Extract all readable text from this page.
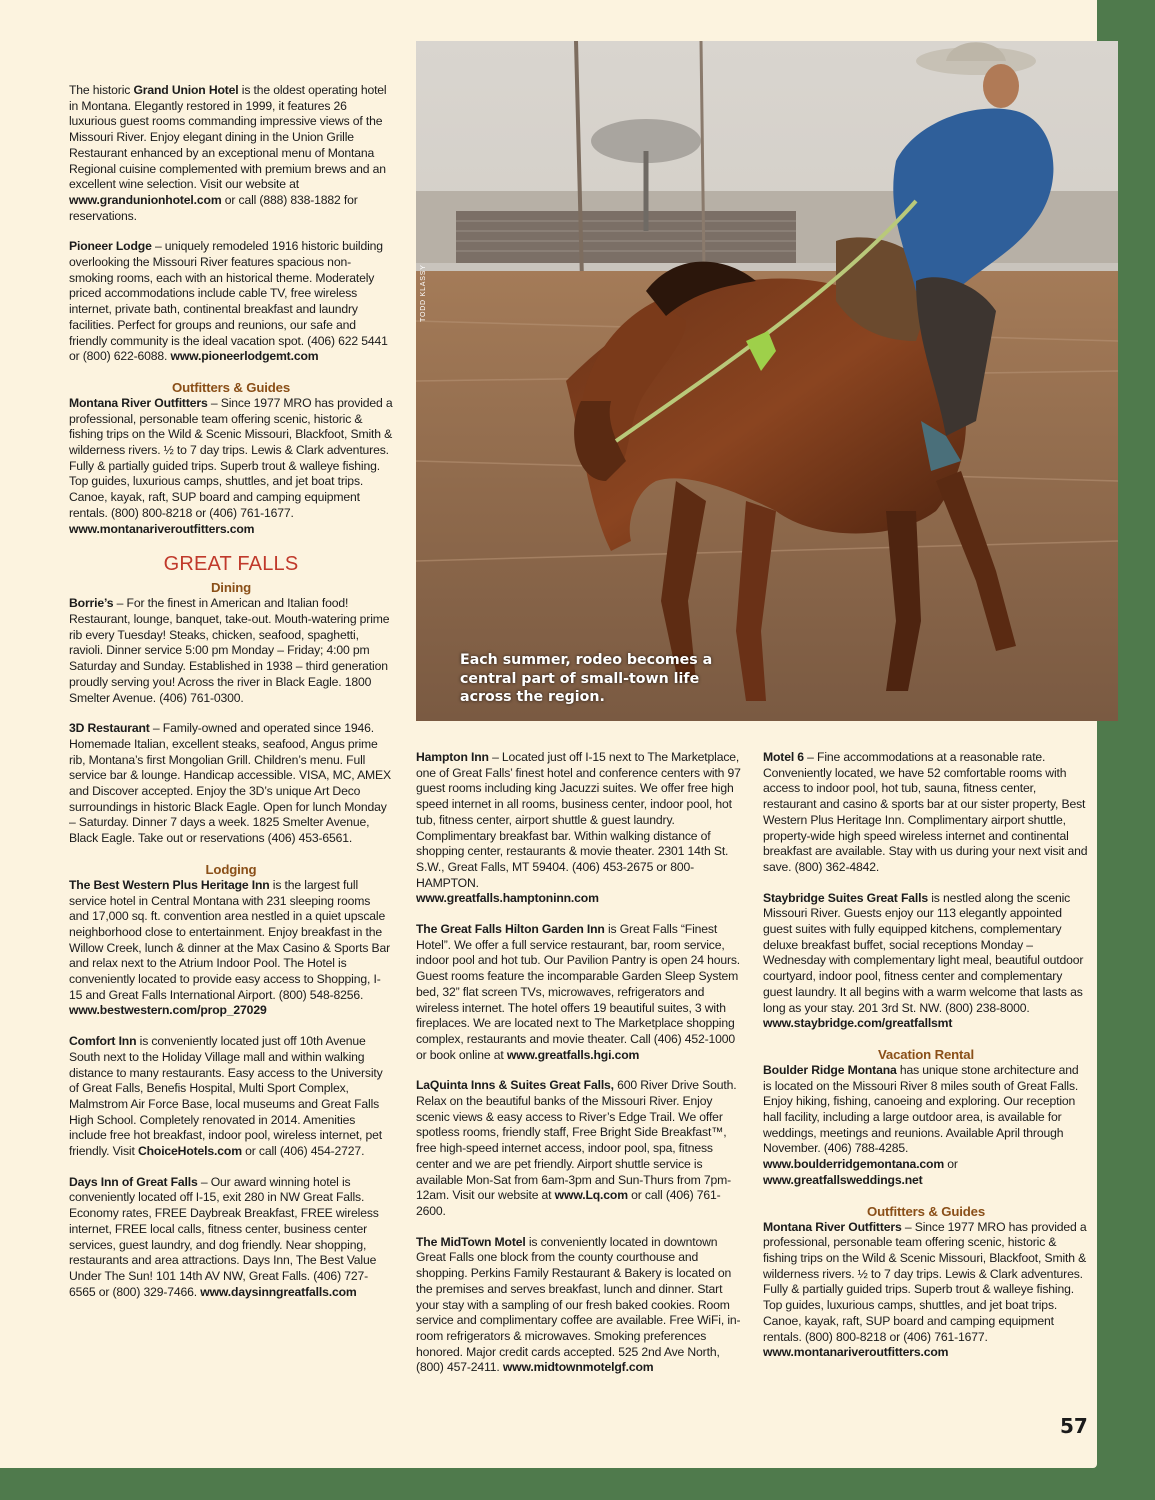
TODD KLASSY
Each summer, rodeo becomes a central part of small-town life across the region.

The historic Grand Union Hotel is the oldest operating hotel in Montana. Elegantly restored in 1999, it features 26 luxurious guest rooms commanding impressive views of the Missouri River. Enjoy elegant dining in the Union Grille Restaurant enhanced by an exceptional menu of Montana Regional cuisine complemented with premium brews and an excellent wine selection. Visit our website at www.grandunionhotel.com or call (888) 838-1882 for reservations.

Pioneer Lodge – uniquely remodeled 1916 historic building overlooking the Missouri River features spacious non-smoking rooms, each with an historical theme. Moderately priced accommodations include cable TV, free wireless internet, private bath, continental breakfast and laundry facilities. Perfect for groups and reunions, our safe and friendly community is the ideal vacation spot. (406) 622 5441 or (800) 622-6088. www.pioneerlodgemt.com

Outfitters & Guides

Montana River Outfitters – Since 1977 MRO has provided a professional, personable team offering scenic, historic & fishing trips on the Wild & Scenic Missouri, Blackfoot, Smith & wilderness rivers. ½ to 7 day trips. Lewis & Clark adventures. Fully & partially guided trips. Superb trout & walleye fishing. Top guides, luxurious camps, shuttles, and jet boat trips. Canoe, kayak, raft, SUP board and camping equipment rentals. (800) 800-8218 or (406) 761-1677.
www.montanariveroutfitters.com

GREAT FALLS
Dining

Borrie’s – For the finest in American and Italian food! Restaurant, lounge, banquet, take-out. Mouth-watering prime rib every Tuesday! Steaks, chicken, seafood, spaghetti, ravioli. Dinner service 5:00 pm Monday – Friday; 4:00 pm Saturday and Sunday. Established in 1938 – third generation proudly serving you! Across the river in Black Eagle. 1800 Smelter Avenue. (406) 761-0300.

3D Restaurant – Family-owned and operated since 1946. Homemade Italian, excellent steaks, seafood, Angus prime rib, Montana’s first Mongolian Grill. Children’s menu. Full service bar & lounge. Handicap accessible. VISA, MC, AMEX and Discover accepted. Enjoy the 3D’s unique Art Deco surroundings in historic Black Eagle. Open for lunch Monday – Saturday. Dinner 7 days a week. 1825 Smelter Avenue, Black Eagle. Take out or reservations (406) 453-6561.

Lodging

The Best Western Plus Heritage Inn is the largest full service hotel in Central Montana with 231 sleeping rooms and 17,000 sq. ft. convention area nestled in a quiet upscale neighborhood close to entertainment. Enjoy breakfast in the Willow Creek, lunch & dinner at the Max Casino & Sports Bar and relax next to the Atrium Indoor Pool. The Hotel is conveniently located to provide easy access to Shopping, I-15 and Great Falls International Airport. (800) 548-8256.
www.bestwestern.com/prop_27029

Comfort Inn is conveniently located just off 10th Avenue South next to the Holiday Village mall and within walking distance to many restaurants. Easy access to the University of Great Falls, Benefis Hospital, Multi Sport Complex, Malmstrom Air Force Base, local museums and Great Falls High School. Completely renovated in 2014. Amenities include free hot breakfast, indoor pool, wireless internet, pet friendly. Visit ChoiceHotels.com or call (406) 454-2727.

Days Inn of Great Falls – Our award winning hotel is conveniently located off I-15, exit 280 in NW Great Falls. Economy rates, FREE Daybreak Breakfast, FREE wireless internet, FREE local calls, fitness center, business center services, guest laundry, and dog friendly. Near shopping, restaurants and area attractions. Days Inn, The Best Value Under The Sun! 101 14th AV NW, Great Falls. (406) 727-6565 or (800) 329-7466. www.daysinngreatfalls.com

Hampton Inn – Located just off I-15 next to The Marketplace, one of Great Falls’ finest hotel and conference centers with 97 guest rooms including king Jacuzzi suites. We offer free high speed internet in all rooms, business center, indoor pool, hot tub, fitness center, airport shuttle & guest laundry. Complimentary breakfast bar. Within walking distance of shopping center, restaurants & movie theater. 2301 14th St. S.W., Great Falls, MT 59404. (406) 453-2675 or 800-HAMPTON.
www.greatfalls.hamptoninn.com

The Great Falls Hilton Garden Inn is Great Falls “Finest Hotel”. We offer a full service restaurant, bar, room service, indoor pool and hot tub. Our Pavilion Pantry is open 24 hours. Guest rooms feature the incomparable Garden Sleep System bed, 32” flat screen TVs, microwaves, refrigerators and wireless internet. The hotel offers 19 beautiful suites, 3 with fireplaces. We are located next to The Marketplace shopping complex, restaurants and movie theater. Call (406) 452-1000 or book online at www.greatfalls.hgi.com

LaQuinta Inns & Suites Great Falls, 600 River Drive South. Relax on the beautiful banks of the Missouri River. Enjoy scenic views & easy access to River’s Edge Trail. We offer spotless rooms, friendly staff, Free Bright Side Breakfast™, free high-speed internet access, indoor pool, spa, fitness center and we are pet friendly. Airport shuttle service is available Mon-Sat from 6am-3pm and Sun-Thurs from 7pm-12am. Visit our website at www.Lq.com or call (406) 761-2600.

The MidTown Motel is conveniently located in downtown Great Falls one block from the county courthouse and shopping. Perkins Family Restaurant & Bakery is located on the premises and serves breakfast, lunch and dinner. Start your stay with a sampling of our fresh baked cookies. Room service and complimentary coffee are available. Free WiFi, in-room refrigerators & microwaves. Smoking preferences honored. Major credit cards accepted. 525 2nd Ave North, (800) 457-2411. www.midtownmotelgf.com

Motel 6 – Fine accommodations at a reasonable rate. Conveniently located, we have 52 comfortable rooms with access to indoor pool, hot tub, sauna, fitness center, restaurant and casino & sports bar at our sister property, Best Western Plus Heritage Inn. Complimentary airport shuttle, property-wide high speed wireless internet and continental breakfast are available. Stay with us during your next visit and save. (800) 362-4842.

Staybridge Suites Great Falls is nestled along the scenic Missouri River. Guests enjoy our 113 elegantly appointed guest suites with fully equipped kitchens, complementary deluxe breakfast buffet, social receptions Monday – Wednesday with complementary light meal, beautiful outdoor courtyard, indoor pool, fitness center and complementary guest laundry. It all begins with a warm welcome that lasts as long as your stay. 201 3rd St. NW. (800) 238-8000.
www.staybridge.com/greatfallsmt

Vacation Rental

Boulder Ridge Montana has unique stone architecture and is located on the Missouri River 8 miles south of Great Falls. Enjoy hiking, fishing, canoeing and exploring. Our reception hall facility, including a large outdoor area, is available for weddings, meetings and reunions. Available April through November. (406) 788-4285. www.boulderridgemontana.com or www.greatfallsweddings.net

Outfitters & Guides

Montana River Outfitters – Since 1977 MRO has provided a professional, personable team offering scenic, historic & fishing trips on the Wild & Scenic Missouri, Blackfoot, Smith & wilderness rivers. ½ to 7 day trips. Lewis & Clark adventures. Fully & partially guided trips. Superb trout & walleye fishing. Top guides, luxurious camps, shuttles, and jet boat trips. Canoe, kayak, raft, SUP board and camping equipment rentals. (800) 800-8218 or (406) 761-1677.
www.montanariveroutfitters.com

57
